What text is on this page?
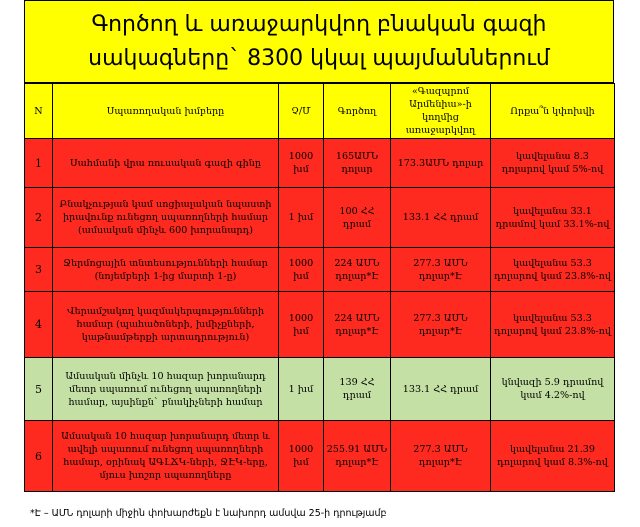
Գործող և առաջարկվող բնական գազի
սակագները` 8300 կկալ պայմաններում
N	Սպառողական խմբերը	Չ/Մ	Գործող	«Գազպրոմ Արմենիա»-ի կողմից առաջարկվող	Որքա՞ն կփոխվի
1	Սահմանի վրա ռուսական գազի գինը	1000 խմ	165ԱՄՆ դոլար	173.3ԱՄՆ դոլար	կավելանա 8.3 դոլարով կամ 5%-ով
2	Բնակչության կամ սոցիալական նպաստի իրավունք ունեցող սպառողների համար (ամսական մինչև 600 խորանարդ)	1 խմ	100 ՀՀ դրամ	133.1 ՀՀ դրամ	կավելանա 33.1 դրամով կամ 33.1%-ով
3	Ջերմոցային տնտեսությունների համար (նոյեմբերի 1-ից մարտի 1-ը)	1000 խմ	224 ԱՄՆ դոլար*Է	277.3 ԱՄՆ դոլար*Է	կավելանա 53.3 դոլարով կամ 23.8%-ով
4	Վերամշակող կազմակերպությունների համար (պահածոների, խմիչքների, կաթնամթերքի արտադրություն)	1000 խմ	224 ԱՄՆ դոլար*Է	277.3 ԱՄՆ դոլար*Է	կավելանա 53.3 դոլարով կամ 23.8%-ով
5	Ամսական մինչև 10 հազար խորանարդ մետր սպառում ունեցող սպառողների համար, այսինքն` բնակիչների համար	1 խմ	139 ՀՀ դրամ	133.1 ՀՀ դրամ	կնվազի 5.9 դրամով կամ 4.2%-ով
6	Ամսական 10 հազար խորանարդ մետր և ավելի սպառում ունեցող սպառողների համար, օրինակ ԱԳԼՃԿ-ների, ՋԷԿ-երը, մյուս խոշոր սպառողները	1000 խմ	255.91 ԱՄՆ դոլար*Է	277.3 ԱՄՆ դոլար*Է	կավելանա 21.39 դոլարով կամ 8.3%-ով
*Է – ԱՄՆ դոլարի միջին փոխարժեքն է նախորդ ամսվա 25-ի դրությամբ
